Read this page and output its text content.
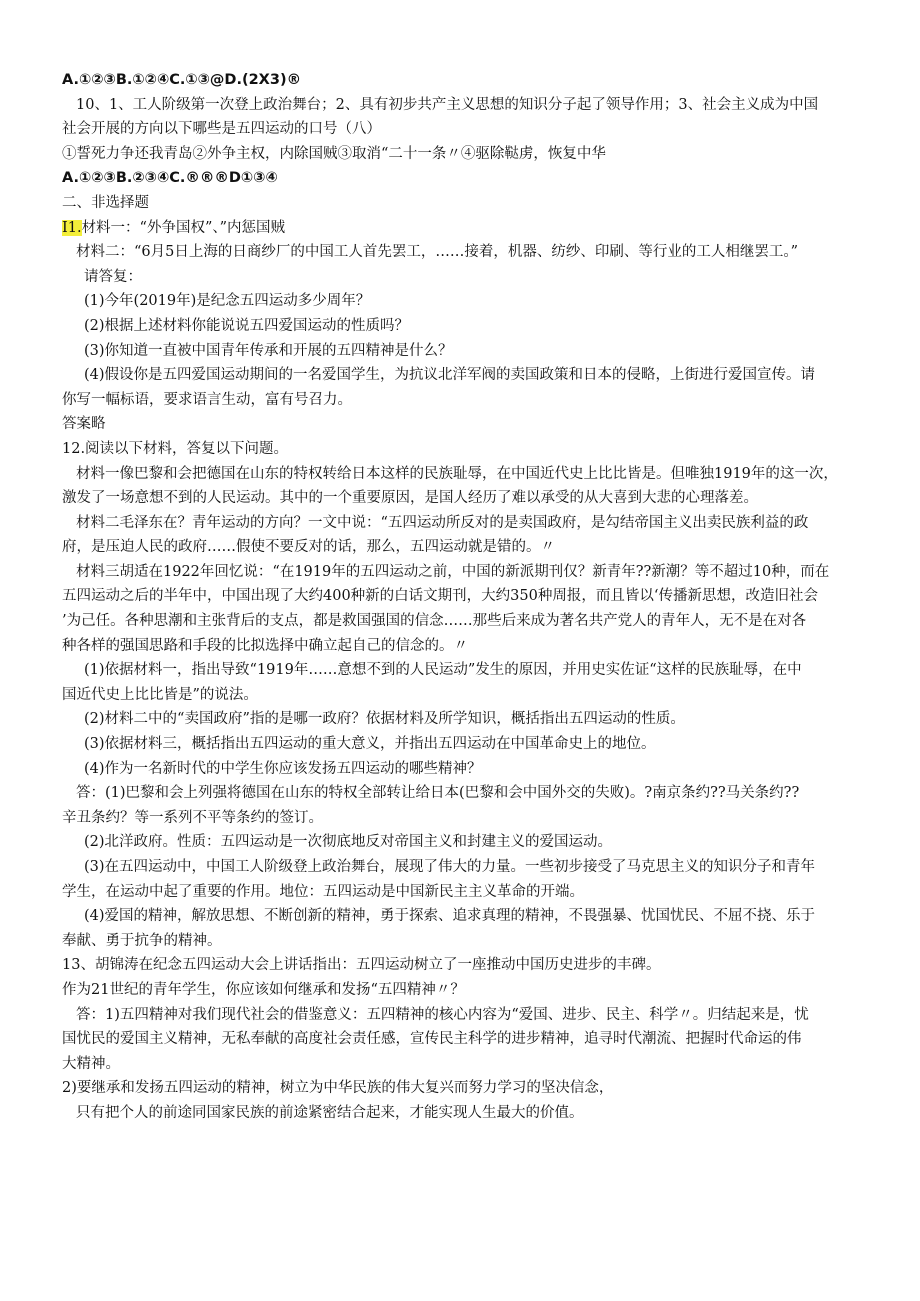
A.①②③B.①②④C.①③@D.(2X3)®
10、1、工人阶级第一次登上政治舞台；2、具有初步共产主义思想的知识分子起了领导作用；3、社会主义成为中国
社会开展的方向以下哪些是五四运动的口号（八）
①誓死力争还我青岛②外争主权，内除国贼③取消“二十一条〃④驱除鞑虏，恢复中华
A.①②③B.②③④C.®®®D①③④
二、非选择题
I1.材料一：“外争国权”、”内惩国贼
材料二：“6月5日上海的日商纱厂的中国工人首先罢工，……接着，机器、纺纱、印刷、等行业的工人相继罢工。”
请答复：
(1)今年(2019年)是纪念五四运动多少周年？
(2)根据上述材料你能说说五四爱国运动的性质吗？
(3)你知道一直被中国青年传承和开展的五四精神是什么？
(4)假设你是五四爱国运动期间的一名爱国学生，为抗议北洋军阀的卖国政策和日本的侵略，上街进行爱国宣传。请
你写一幅标语，要求语言生动，富有号召力。
答案略
12.阅读以下材料，答复以下问题。
材料一像巴黎和会把德国在山东的特权转给日本这样的民族耻辱，在中国近代史上比比皆是。但唯独1919年的这一次，
激发了一场意想不到的人民运动。其中的一个重要原因，是国人经历了难以承受的从大喜到大悲的心理落差。
材料二毛泽东在？青年运动的方向？一文中说：“五四运动所反对的是卖国政府，是勾结帝国主义出卖民族利益的政
府，是压迫人民的政府……假使不要反对的话，那么，五四运动就是错的。〃
材料三胡适在1922年回忆说：“在1919年的五四运动之前，中国的新派期刊仅？新青年??新潮？等不超过10种，而在
五四运动之后的半年中，中国出现了大约400种新的白话文期刊，大约350种周报，而且皆以‘传播新思想，改造旧社会
’为己任。各种思潮和主张背后的支点，都是救国强国的信念……那些后来成为著名共产党人的青年人，无不是在对各
种各样的强国思路和手段的比拟选择中确立起自己的信念的。〃
(1)依据材料一，指出导致“1919年……意想不到的人民运动”发生的原因，并用史实佐证“这样的民族耻辱，在中
国近代史上比比皆是”的说法。
(2)材料二中的“卖国政府”指的是哪一政府？依据材料及所学知识，概括指出五四运动的性质。
(3)依据材料三，概括指出五四运动的重大意义，并指出五四运动在中国革命史上的地位。
(4)作为一名新时代的中学生你应该发扬五四运动的哪些精神？
答：(1)巴黎和会上列强将德国在山东的特权全部转让给日本(巴黎和会中国外交的失败)。?南京条约??马关条约??
辛丑条约？等一系列不平等条约的签订。
(2)北洋政府。性质：五四运动是一次彻底地反对帝国主义和封建主义的爱国运动。
(3)在五四运动中，中国工人阶级登上政治舞台，展现了伟大的力量。一些初步接受了马克思主义的知识分子和青年
学生，在运动中起了重要的作用。地位：五四运动是中国新民主主义革命的开端。
(4)爱国的精神，解放思想、不断创新的精神，勇于探索、追求真理的精神，不畏强暴、忧国忧民、不屈不挠、乐于
奉献、勇于抗争的精神。
13、胡锦涛在纪念五四运动大会上讲话指出：五四运动树立了一座推动中国历史进步的丰碑。
作为21世纪的青年学生，你应该如何继承和发扬“五四精神〃？
答：1)五四精神对我们现代社会的借鉴意义：五四精神的核心内容为“爱国、进步、民主、科学〃。归结起来是，忧
国忧民的爱国主义精神，无私奉献的高度社会责任感，宣传民主科学的进步精神，追寻时代潮流、把握时代命运的伟
大精神。
2)要继承和发扬五四运动的精神，树立为中华民族的伟大复兴而努力学习的坚决信念，
只有把个人的前途同国家民族的前途紧密结合起来，才能实现人生最大的价值。
